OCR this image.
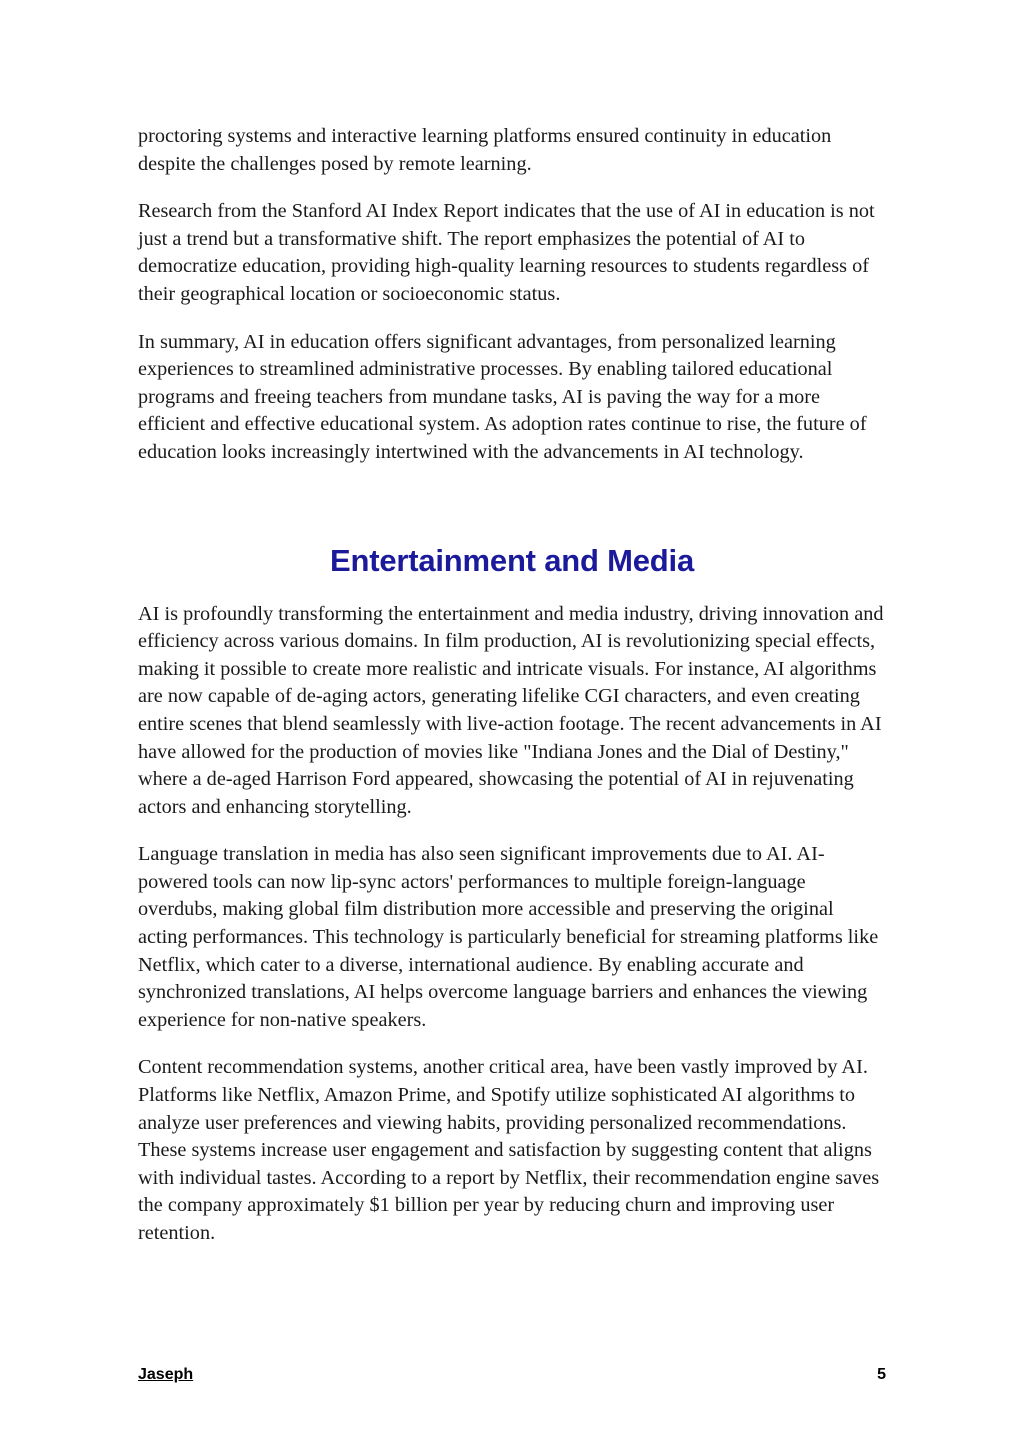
proctoring systems and interactive learning platforms ensured continuity in education despite the challenges posed by remote learning.

Research from the Stanford AI Index Report indicates that the use of AI in education is not just a trend but a transformative shift. The report emphasizes the potential of AI to democratize education, providing high-quality learning resources to students regardless of their geographical location or socioeconomic status.

In summary, AI in education offers significant advantages, from personalized learning experiences to streamlined administrative processes. By enabling tailored educational programs and freeing teachers from mundane tasks, AI is paving the way for a more efficient and effective educational system. As adoption rates continue to rise, the future of education looks increasingly intertwined with the advancements in AI technology.

Entertainment and Media

AI is profoundly transforming the entertainment and media industry, driving innovation and efficiency across various domains. In film production, AI is revolutionizing special effects, making it possible to create more realistic and intricate visuals. For instance, AI algorithms are now capable of de-aging actors, generating lifelike CGI characters, and even creating entire scenes that blend seamlessly with live-action footage. The recent advancements in AI have allowed for the production of movies like "Indiana Jones and the Dial of Destiny," where a de-aged Harrison Ford appeared, showcasing the potential of AI in rejuvenating actors and enhancing storytelling.

Language translation in media has also seen significant improvements due to AI. AI-powered tools can now lip-sync actors' performances to multiple foreign-language overdubs, making global film distribution more accessible and preserving the original acting performances. This technology is particularly beneficial for streaming platforms like Netflix, which cater to a diverse, international audience. By enabling accurate and synchronized translations, AI helps overcome language barriers and enhances the viewing experience for non-native speakers.

Content recommendation systems, another critical area, have been vastly improved by AI. Platforms like Netflix, Amazon Prime, and Spotify utilize sophisticated AI algorithms to analyze user preferences and viewing habits, providing personalized recommendations. These systems increase user engagement and satisfaction by suggesting content that aligns with individual tastes. According to a report by Netflix, their recommendation engine saves the company approximately $1 billion per year by reducing churn and improving user retention.

Jaseph	5
